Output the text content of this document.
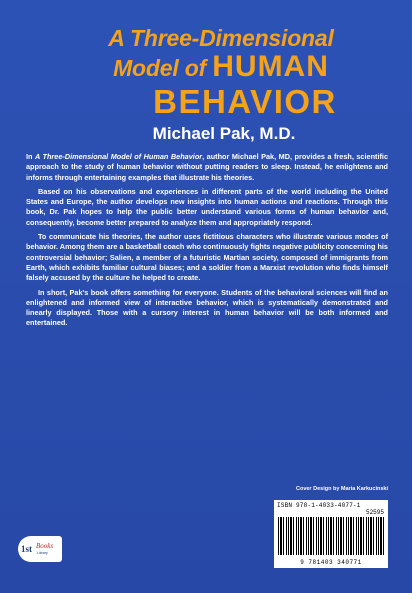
A Three-Dimensional
Model of HUMAN
BEHAVIOR
Michael Pak, M.D.

In A Three-Dimensional Model of Human Behavior, author Michael Pak, MD, provides a fresh, scientific approach to the study of human behavior without putting readers to sleep. Instead, he enlightens and informs through entertaining examples that illustrate his theories.

Based on his observations and experiences in different parts of the world including the United States and Europe, the author develops new insights into human actions and reactions. Through this book, Dr. Pak hopes to help the public better understand various forms of human behavior and, consequently, become better prepared to analyze them and appropriately respond.

To communicate his theories, the author uses fictitious characters who illustrate various modes of behavior. Among them are a basketball coach who continuously fights negative publicity concerning his controversial behavior; Salien, a member of a futuristic Martian society, composed of immigrants from Earth, which exhibits familiar cultural biases; and a soldier from a Marxist revolution who finds himself falsely accused by the culture he helped to create.

In short, Pak's book offers something for everyone. Students of the behavioral sciences will find an enlightened and informed view of interactive behavior, which is systematically demonstrated and linearly displayed. Those with a cursory interest in human behavior will be both informed and entertained.

Cover Design by Maria Karkucinski
ISBN 978-1-4033-4077-1
52595
9 781403 340771
1st Books
Library
